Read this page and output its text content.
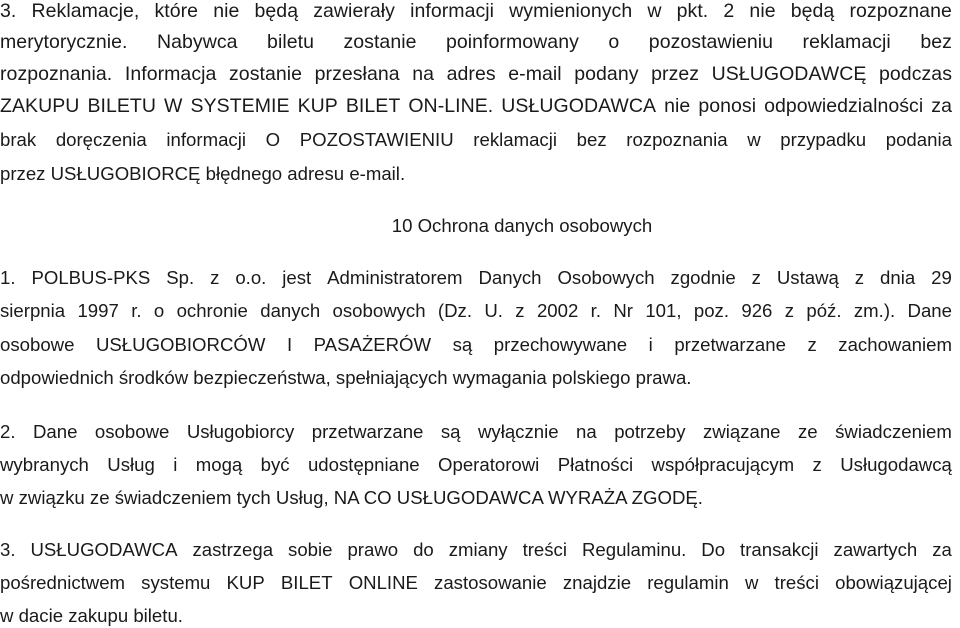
3. Reklamacje, które nie będą zawierały informacji wymienionych w pkt. 2 nie będą rozpoznane
merytorycznie. Nabywca biletu zostanie poinformowany o pozostawieniu reklamacji bez
rozpoznania. Informacja zostanie przesłana na adres e-mail podany przez USŁUGODAWCĘ podczas
ZAKUPU BILETU W SYSTEMIE KUP BILET ON-LINE. USŁUGODAWCA nie ponosi odpowiedzialności za
brak doręczenia informacji O POZOSTAWIENIU reklamacji bez rozpoznania w przypadku podania
przez USŁUGOBIORCĘ błędnego adresu e-mail.
10 Ochrona danych osobowych
1. POLBUS-PKS Sp. z o.o. jest Administratorem Danych Osobowych zgodnie z Ustawą z dnia 29
sierpnia 1997 r. o ochronie danych osobowych (Dz. U. z 2002 r. Nr 101, poz. 926 z póź. zm.). Dane
osobowe USŁUGOBIORCÓW I PASAŻERÓW są przechowywane i przetwarzane z zachowaniem
odpowiednich środków bezpieczeństwa, spełniających wymagania polskiego prawa.
2. Dane osobowe Usługobiorcy przetwarzane są wyłącznie na potrzeby związane ze świadczeniem
wybranych Usług i mogą być udostępniane Operatorowi Płatności współpracującym z Usługodawcą
w związku ze świadczeniem tych Usług, NA CO USŁUGODAWCA WYRAŻA ZGODĘ.
3. USŁUGODAWCA zastrzega sobie prawo do zmiany treści Regulaminu. Do transakcji zawartych za
pośrednictwem systemu KUP BILET ONLINE zastosowanie znajdzie regulamin w treści obowiązującej
w dacie zakupu biletu.
